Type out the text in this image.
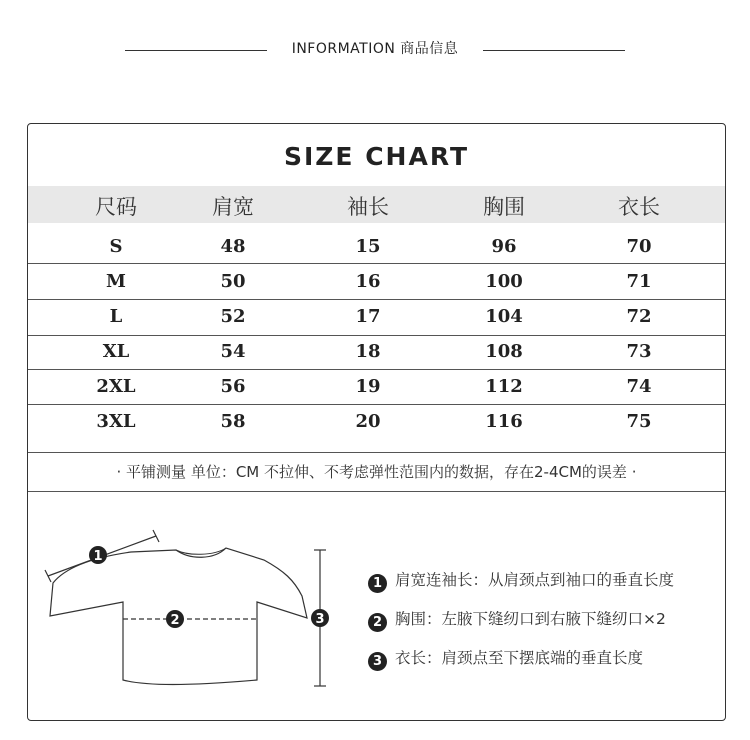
INFORMATION 商品信息
SIZE CHART
尺码	肩宽	袖长	胸围	衣长
S	48	15	96	70
M	50	16	100	71
L	52	17	104	72
XL	54	18	108	73
2XL	56	19	112	74
3XL	58	20	116	75
· 平铺测量 单位：CM 不拉伸、不考虑弹性范围内的数据，存在2-4CM的误差 ·
1
2	3
1 肩宽连袖长：从肩颈点到袖口的垂直长度
2 胸围：左腋下缝纫口到右腋下缝纫口×2
3 衣长：肩颈点至下摆底端的垂直长度
